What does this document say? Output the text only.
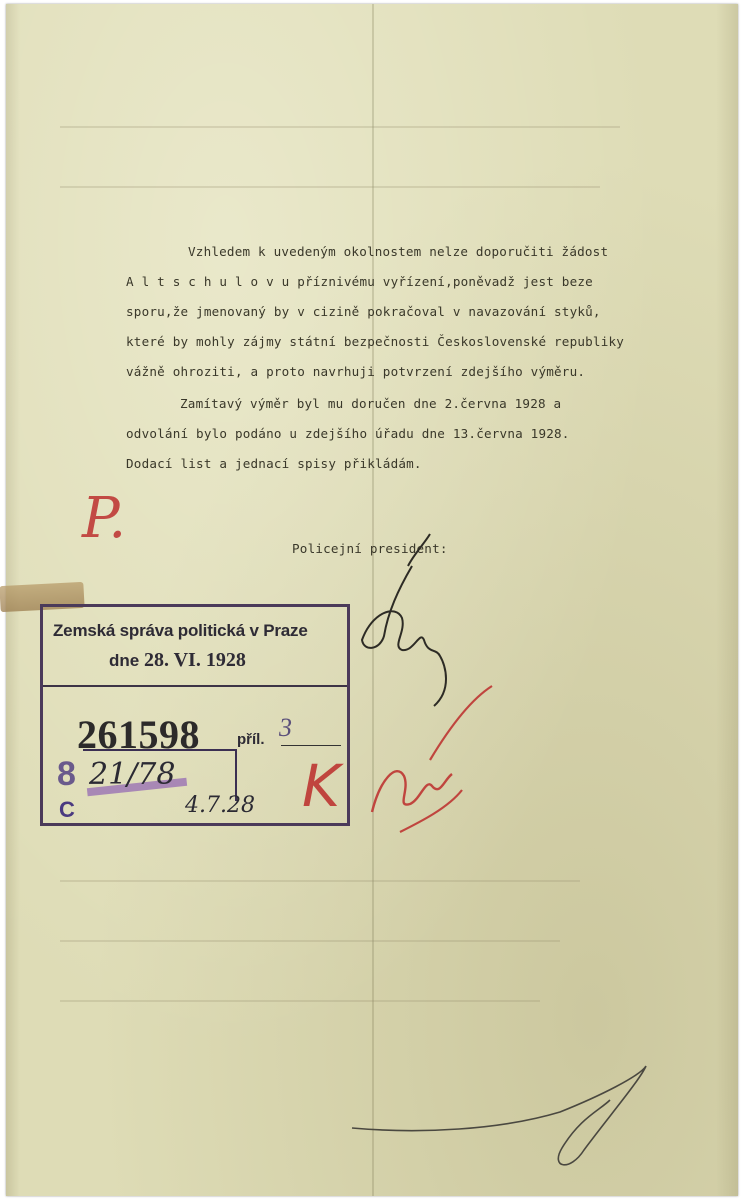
Vzhledem k uvedeným okolnostem nelze doporučiti žádost

A l t s c h u l o v u příznivému vyřízení,poněvadž jest beze

sporu,že jmenovaný by v cizině pokračoval v navazování styků,

které by mohly zájmy státní bezpečnosti Československé republiky

vážně ohroziti, a proto navrhuji potvrzení zdejšího výměru.

Zamítavý výměr byl mu doručen dne 2.června 1928 a

odvolání bylo podáno u zdejšího úřadu dne 13.června 1928.

Dodací list a jednací spisy přikládám.

Policejní president:

P.
K
Zemská správa politická v Praze
dne 28. VI. 1928
261598 příl. 3
8
C
21/78
4.7.28
